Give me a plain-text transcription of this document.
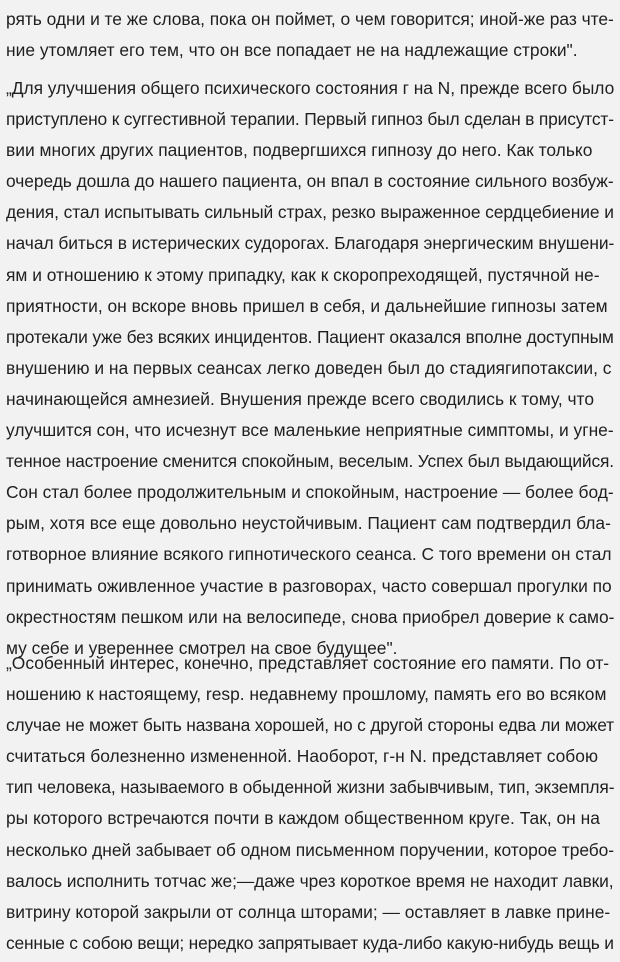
рять одни и те же слова, пока он поймет, о чем говорится; иной-же раз чте-
ние утомляет его тем, что он все попадает не на надлежащие строки".
„Для улучшения общего психического состояния г на N, прежде всего было
приступлено к суггестивной терапии. Первый гипноз был сделан в присутст-
вии многих других пациентов, подвергшихся гипнозу до него. Как только
очередь дошла до нашего пациента, он впал в состояние сильного возбуж-
дения, стал испытывать сильный страх, резко выраженное сердцебиение и
начал биться в истерических судорогах. Благодаря энергическим внушени-
ям и отношению к этому припадку, как к скоропреходящей, пустячной не-
приятности, он вскоре вновь пришел в себя, и дальнейшие гипнозы затем
протекали уже без всяких инцидентов. Пациент оказался вполне доступным
внушению и на первых сеансах легко доведен был до стадиягипотаксии, с
начинающейся амнезией. Внушения прежде всего сводились к тому, что
улучшится сон, что исчезнут все маленькие неприятные симптомы, и угне-
тенное настроение сменится спокойным, веселым. Успех был выдающийся.
Сон стал более продолжительным и спокойным, настроение — более бод-
рым, хотя все еще довольно неустойчивым. Пациент сам подтвердил бла-
готворное влияние всякого гипнотического сеанса. С того времени он стал
принимать оживленное участие в разговорах, часто совершал прогулки по
окрестностям пешком или на велосипеде, снова приобрел доверие к само-
му себе и увереннее смотрел на свое будущее".
„Особенный интерес, конечно, представляет состояние его памяти. По от-
ношению к настоящему, resp. недавнему прошлому, память его во всяком
случае не может быть названа хорошей, но с другой стороны едва ли может
считаться болезненно измененной. Наоборот, г-н N. представляет собою
тип человека, называемого в обыденной жизни забывчивым, тип, экземпля-
ры которого встречаются почти в каждом общественном круге. Так, он на
несколько дней забывает об одном письменном поручении, которое требо-
валось исполнить тотчас же;—даже чрез короткое время не находит лавки,
витрину которой закрыли от солнца шторами; — оставляет в лавке прине-
сенные с собою вещи; нередко запрятывает куда-либо какую-нибудь вещь и
